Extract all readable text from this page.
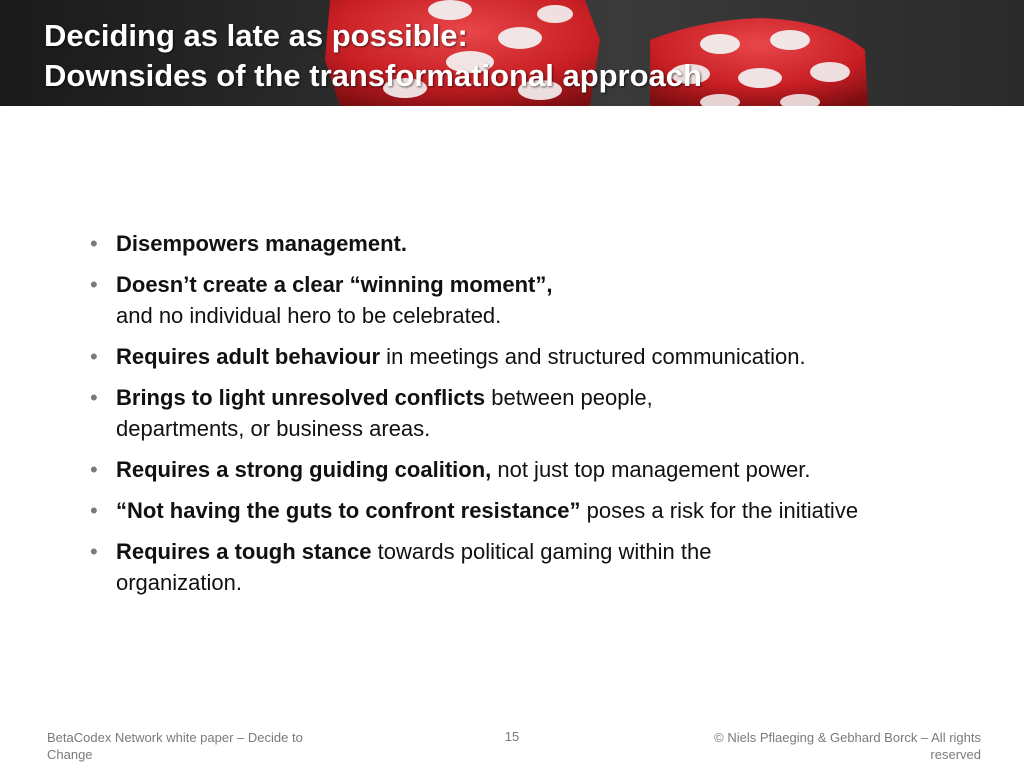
Deciding as late as possible:
Downsides of the transformational approach
• Disempowers management.
• Doesn’t create a clear “winning moment”,
and no individual hero to be celebrated.
• Requires adult behaviour in meetings and structured communication.
• Brings to light unresolved conflicts between people, departments, or business areas.
• Requires a strong guiding coalition, not just top management power.
• “Not having the guts to confront resistance” poses a risk for the initiative
• Requires a tough stance towards political gaming within the organization.
BetaCodex Network white paper – Decide to Change
15	© Niels Pflaeging & Gebhard Borck – All rights reserved
